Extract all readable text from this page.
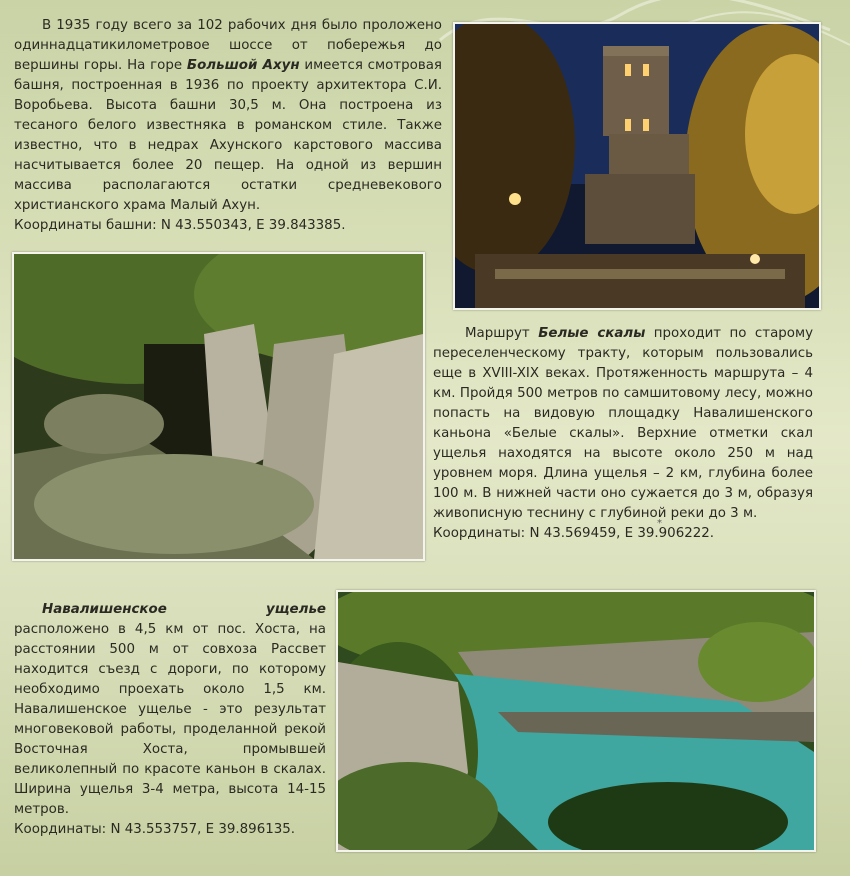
В 1935 году всего за 102 рабочих дня было проложено одиннадцатикилометровое шоссе от побережья до вершины горы. На горе Большой Ахун имеется смотровая башня, построенная в 1936 по проекту архитектора С.И. Воробьева. Высота башни 30,5 м. Она построена из тесаного белого известняка в романском стиле. Также известно, что в недрах Ахунского карстового массива насчитывается более 20 пещер. На одной из вершин массива располагаются остатки средневекового христианского храма Малый Ахун.
Координаты башни: N 43.550343, E 39.843385.
Маршрут Белые скалы проходит по старому переселенческому тракту, которым пользовались еще в XVIII-XIX веках. Протяженность маршрута – 4 км. Пройдя 500 метров по самшитовому лесу, можно попасть на видовую площадку Навалишенского каньона «Белые скалы». Верхние отметки скал ущелья находятся на высоте около 250 м над уровнем моря. Длина ущелья – 2 км, глубина более 100 м. В нижней части оно сужается до 3 м, образуя живописную теснину с глубиной реки до 3 м.
Координаты: N 43.569459, E 39.906222.
*
Навалишенское ущелье расположено в 4,5 км от пос. Хоста, на расстоянии 500 м от совхоза Рассвет находится съезд с дороги, по которому необходимо проехать около 1,5 км. Навалишенское ущелье - это результат многовековой работы, проделанной рекой Восточная Хоста, промывшей великолепный по красоте каньон в скалах. Ширина ущелья 3-4 метра, высота 14-15 метров.
Координаты: N 43.553757, E 39.896135.
